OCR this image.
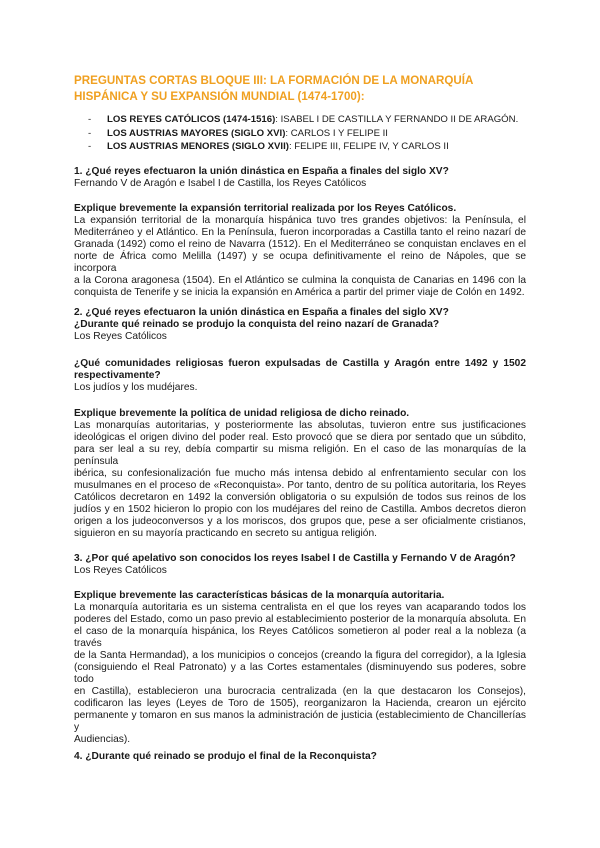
PREGUNTAS CORTAS BLOQUE III: LA FORMACIÓN DE LA MONARQUÍA HISPÁNICA Y SU EXPANSIÓN MUNDIAL (1474-1700):
- LOS REYES CATÓLICOS (1474-1516): ISABEL I DE CASTILLA Y FERNANDO II DE ARAGÓN.
- LOS AUSTRIAS MAYORES (SIGLO XVI): CARLOS I Y FELIPE II
- LOS AUSTRIAS MENORES (SIGLO XVII): FELIPE III, FELIPE IV, Y CARLOS II
1. ¿Qué reyes efectuaron la unión dinástica en España a finales del siglo XV?
Fernando V de Aragón e Isabel I de Castilla, los Reyes Católicos
Explique brevemente la expansión territorial realizada por los Reyes Católicos.
La expansión territorial de la monarquía hispánica tuvo tres grandes objetivos: la Península, el
Mediterráneo y el Atlántico. En la Península, fueron incorporadas a Castilla tanto el reino nazarí de
Granada (1492) como el reino de Navarra (1512). En el Mediterráneo se conquistan enclaves en el
norte de África como Melilla (1497) y se ocupa definitivamente el reino de Nápoles, que se incorpora
a la Corona aragonesa (1504). En el Atlántico se culmina la conquista de Canarias en 1496 con la
conquista de Tenerife y se inicia la expansión en América a partir del primer viaje de Colón en 1492.
2. ¿Qué reyes efectuaron la unión dinástica en España a finales del siglo XV?
¿Durante qué reinado se produjo la conquista del reino nazarí de Granada?
Los Reyes Católicos
¿Qué comunidades religiosas fueron expulsadas de Castilla y Aragón entre 1492 y 1502
respectivamente?
Los judíos y los mudéjares.
Explique brevemente la política de unidad religiosa de dicho reinado.
Las monarquías autoritarias, y posteriormente las absolutas, tuvieron entre sus justificaciones
ideológicas el origen divino del poder real. Esto provocó que se diera por sentado que un súbdito,
para ser leal a su rey, debía compartir su misma religión. En el caso de las monarquías de la península
ibérica, su confesionalización fue mucho más intensa debido al enfrentamiento secular con los
musulmanes en el proceso de «Reconquista». Por tanto, dentro de su política autoritaria, los Reyes
Católicos decretaron en 1492 la conversión obligatoria o su expulsión de todos sus reinos de los
judíos y en 1502 hicieron lo propio con los mudéjares del reino de Castilla. Ambos decretos dieron
origen a los judeoconversos y a los moriscos, dos grupos que, pese a ser oficialmente cristianos,
siguieron en su mayoría practicando en secreto su antigua religión.
3. ¿Por qué apelativo son conocidos los reyes Isabel I de Castilla y Fernando V de Aragón?
Los Reyes Católicos
Explique brevemente las características básicas de la monarquía autoritaria.
La monarquía autoritaria es un sistema centralista en el que los reyes van acaparando todos los
poderes del Estado, como un paso previo al establecimiento posterior de la monarquía absoluta. En
el caso de la monarquía hispánica, los Reyes Católicos sometieron al poder real a la nobleza (a través
de la Santa Hermandad), a los municipios o concejos (creando la figura del corregidor), a la Iglesia
(consiguiendo el Real Patronato) y a las Cortes estamentales (disminuyendo sus poderes, sobre todo
en Castilla), establecieron una burocracia centralizada (en la que destacaron los Consejos),
codificaron las leyes (Leyes de Toro de 1505), reorganizaron la Hacienda, crearon un ejército
permanente y tomaron en sus manos la administración de justicia (establecimiento de Chancillerías y
Audiencias).
4. ¿Durante qué reinado se produjo el final de la Reconquista?
